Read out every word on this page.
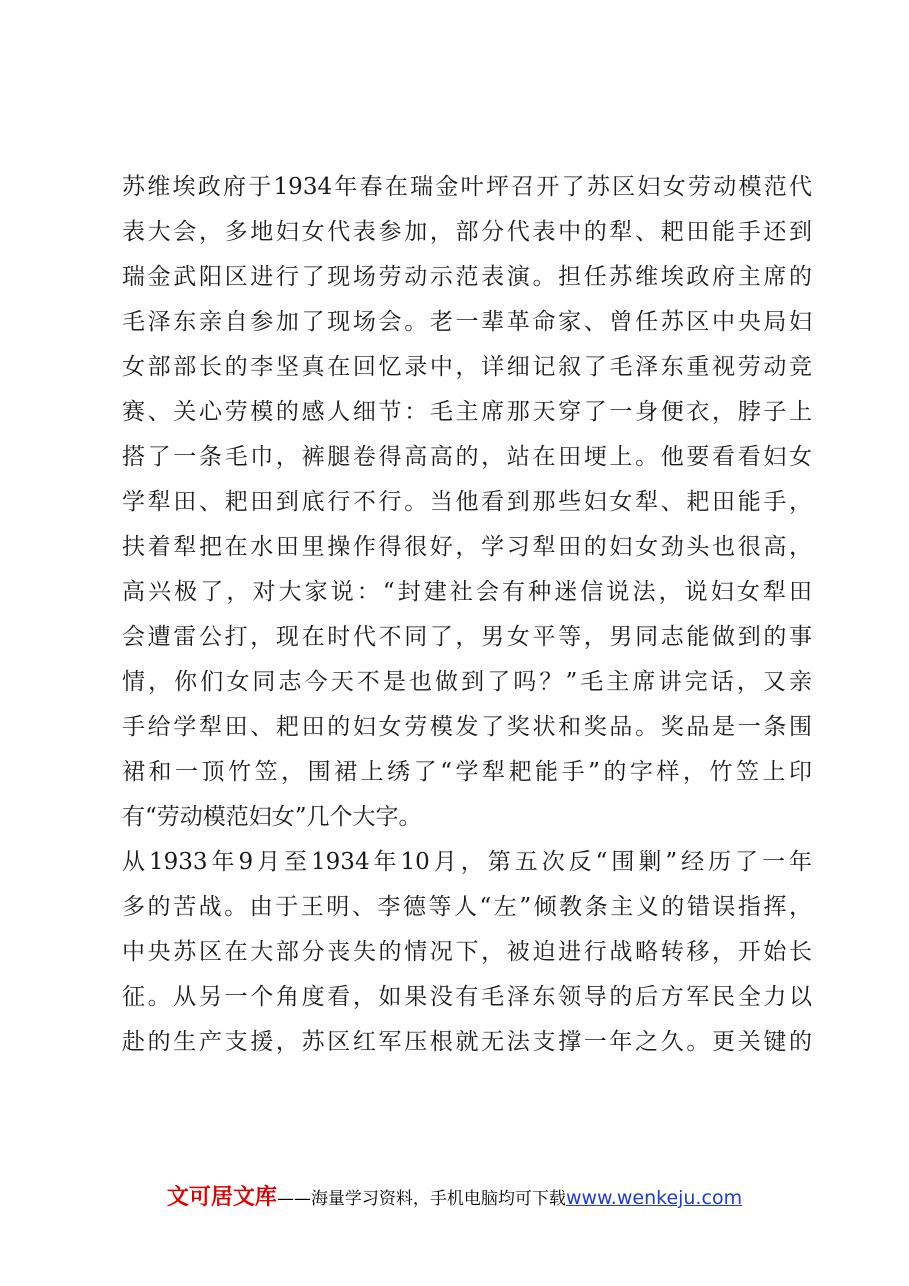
苏维埃政府于1934年春在瑞金叶坪召开了苏区妇女劳动模范代
表大会，多地妇女代表参加，部分代表中的犁、耙田能手还到
瑞金武阳区进行了现场劳动示范表演。担任苏维埃政府主席的
毛泽东亲自参加了现场会。老一辈革命家、曾任苏区中央局妇
女部部长的李坚真在回忆录中，详细记叙了毛泽东重视劳动竞
赛、关心劳模的感人细节：毛主席那天穿了一身便衣，脖子上
搭了一条毛巾，裤腿卷得高高的，站在田埂上。他要看看妇女
学犁田、耙田到底行不行。当他看到那些妇女犁、耙田能手，
扶着犁把在水田里操作得很好，学习犁田的妇女劲头也很高，
高兴极了，对大家说：“封建社会有种迷信说法，说妇女犁田
会遭雷公打，现在时代不同了，男女平等，男同志能做到的事
情，你们女同志今天不是也做到了吗？”毛主席讲完话，又亲
手给学犁田、耙田的妇女劳模发了奖状和奖品。奖品是一条围
裙和一顶竹笠，围裙上绣了“学犁耙能手”的字样，竹笠上印
有“劳动模范妇女”几个大字。
从1933年9月至1934年10月，第五次反“围剿”经历了一年
多的苦战。由于王明、李德等人“左”倾教条主义的错误指挥，
中央苏区在大部分丧失的情况下，被迫进行战略转移，开始长
征。从另一个角度看，如果没有毛泽东领导的后方军民全力以
赴的生产支援，苏区红军压根就无法支撑一年之久。更关键的
文可居文库——海量学习资料，手机电脑均可下载www.wenkeju.com
